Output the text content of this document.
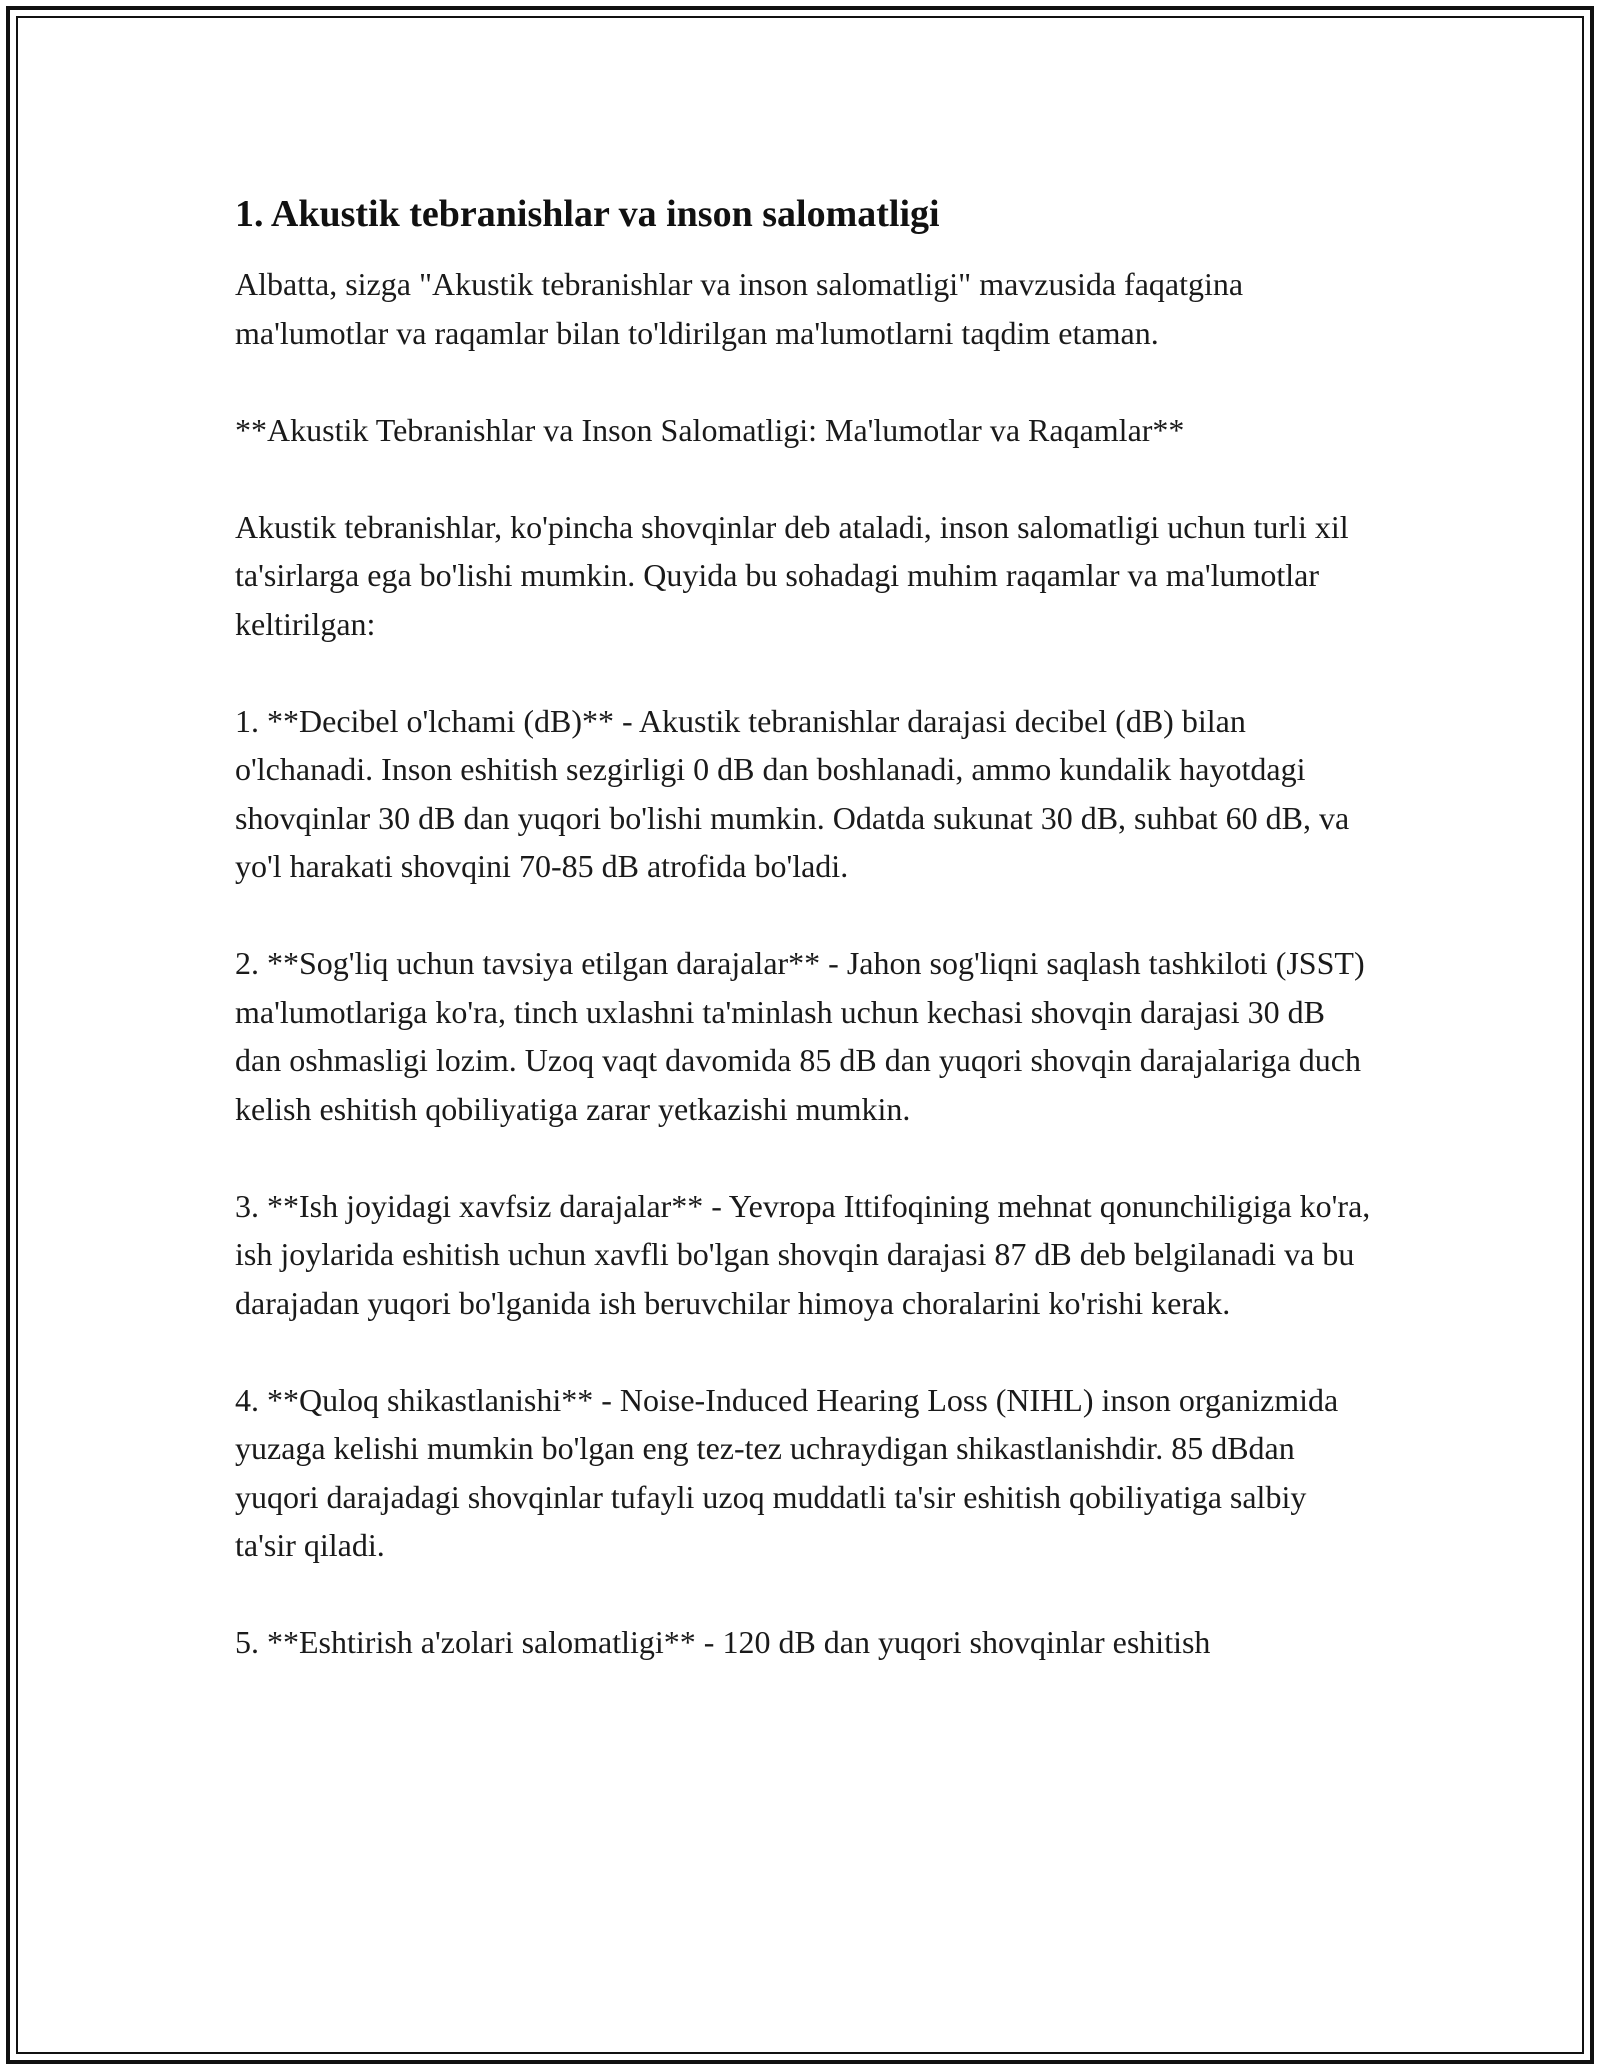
1. Akustik tebranishlar va inson salomatligi

Albatta, sizga "Akustik tebranishlar va inson salomatligi" mavzusida faqatgina ma'lumotlar va raqamlar bilan to'ldirilgan ma'lumotlarni taqdim etaman.

**Akustik Tebranishlar va Inson Salomatligi: Ma'lumotlar va Raqamlar**

Akustik tebranishlar, ko'pincha shovqinlar deb ataladi, inson salomatligi uchun turli xil ta'sirlarga ega bo'lishi mumkin. Quyida bu sohadagi muhim raqamlar va ma'lumotlar keltirilgan:

1. **Decibel o'lchami (dB)** - Akustik tebranishlar darajasi decibel (dB) bilan o'lchanadi. Inson eshitish sezgirligi 0 dB dan boshlanadi, ammo kundalik hayotdagi shovqinlar 30 dB dan yuqori bo'lishi mumkin. Odatda sukunat 30 dB, suhbat 60 dB, va yo'l harakati shovqini 70-85 dB atrofida bo'ladi.

2. **Sog'liq uchun tavsiya etilgan darajalar** - Jahon sog'liqni saqlash tashkiloti (JSST) ma'lumotlariga ko'ra, tinch uxlashni ta'minlash uchun kechasi shovqin darajasi 30 dB dan oshmasligi lozim. Uzoq vaqt davomida 85 dB dan yuqori shovqin darajalariga duch kelish eshitish qobiliyatiga zarar yetkazishi mumkin.

3. **Ish joyidagi xavfsiz darajalar** - Yevropa Ittifoqining mehnat qonunchiligiga ko'ra, ish joylarida eshitish uchun xavfli bo'lgan shovqin darajasi 87 dB deb belgilanadi va bu darajadan yuqori bo'lganida ish beruvchilar himoya choralarini ko'rishi kerak.

4. **Quloq shikastlanishi** - Noise-Induced Hearing Loss (NIHL) inson organizmida yuzaga kelishi mumkin bo'lgan eng tez-tez uchraydigan shikastlanishdir. 85 dBdan yuqori darajadagi shovqinlar tufayli uzoq muddatli ta'sir eshitish qobiliyatiga salbiy ta'sir qiladi.

5. **Eshtirish a'zolari salomatligi** - 120 dB dan yuqori shovqinlar eshitish
